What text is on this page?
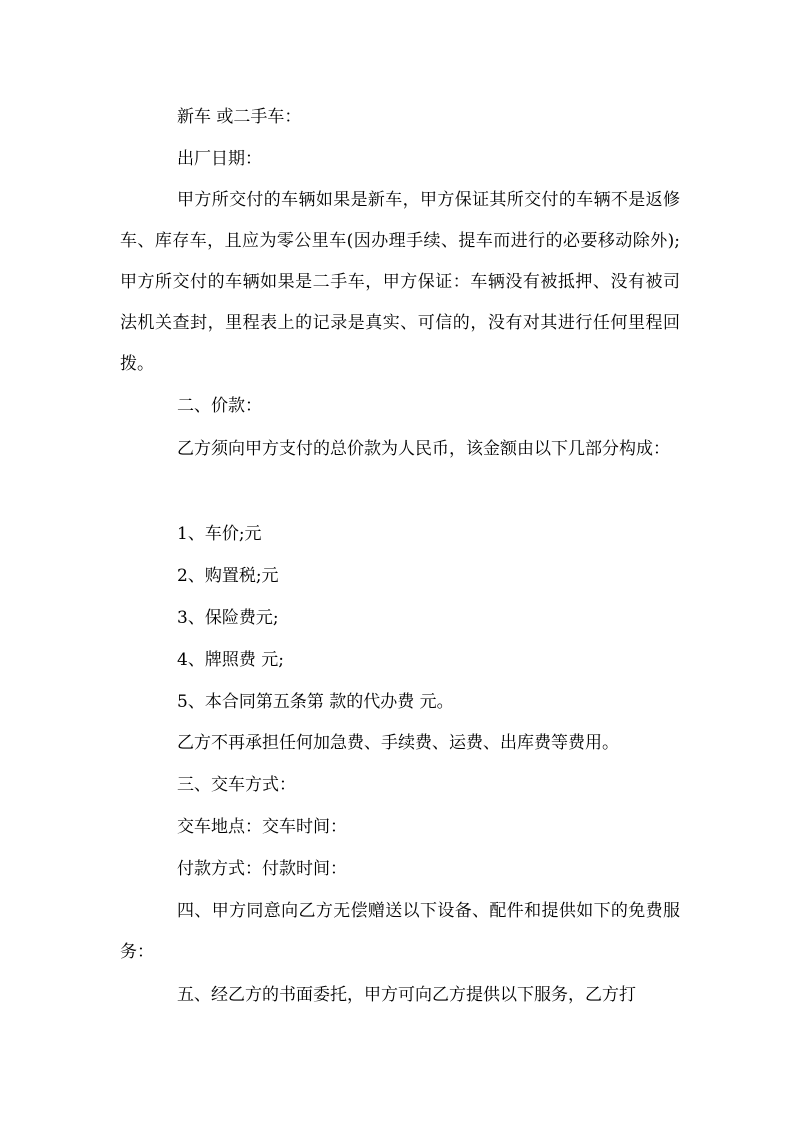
新车 或二手车：

出厂日期：

甲方所交付的车辆如果是新车，甲方保证其所交付的车辆不是返修车、库存车，且应为零公里车(因办理手续、提车而进行的必要移动除外);甲方所交付的车辆如果是二手车，甲方保证：车辆没有被抵押、没有被司法机关查封，里程表上的记录是真实、可信的，没有对其进行任何里程回拨。

二、价款：

乙方须向甲方支付的总价款为人民币，该金额由以下几部分构成：

1、车价;元

2、购置税;元

3、保险费元;

4、牌照费 元;

5、本合同第五条第 款的代办费 元。

乙方不再承担任何加急费、手续费、运费、出库费等费用。

三、交车方式：

交车地点：交车时间：

付款方式：付款时间：

四、甲方同意向乙方无偿赠送以下设备、配件和提供如下的免费服务：

五、经乙方的书面委托，甲方可向乙方提供以下服务，乙方打
